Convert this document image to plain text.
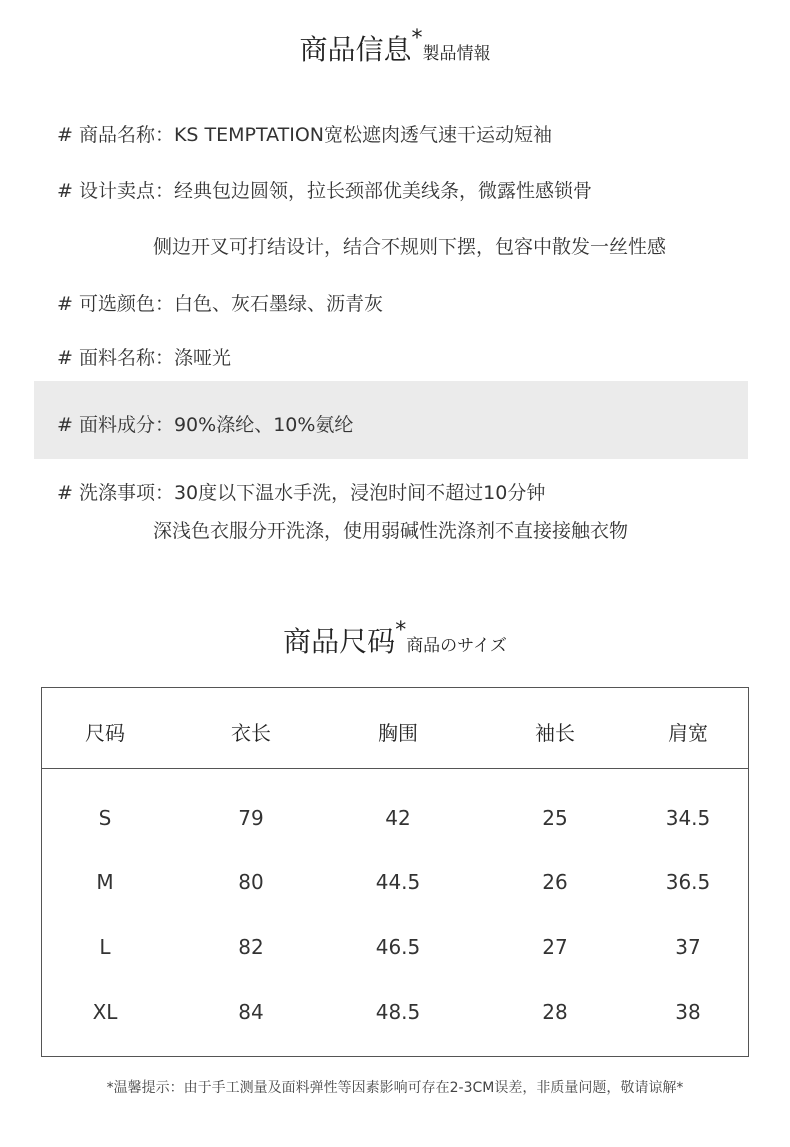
商品信息*製品情報
# 商品名称：KS TEMPTATION宽松遮肉透气速干运动短袖
# 设计卖点：经典包边圆领，拉长颈部优美线条，微露性感锁骨
侧边开叉可打结设计，结合不规则下摆，包容中散发一丝性感
# 可选颜色：白色、灰石墨绿、沥青灰
# 面料名称：涤哑光
# 面料成分：90%涤纶、10%氨纶
# 洗涤事项：30度以下温水手洗，浸泡时间不超过10分钟
深浅色衣服分开洗涤，使用弱碱性洗涤剂不直接接触衣物
商品尺码*商品のサイズ
尺码	衣长	胸围	袖长	肩宽
S	79	42	25	34.5
M	80	44.5	26	36.5
L	82	46.5	27	37
XL	84	48.5	28	38
*温馨提示：由于手工测量及面料弹性等因素影响可存在2-3CM误差，非质量问题，敬请谅解*
